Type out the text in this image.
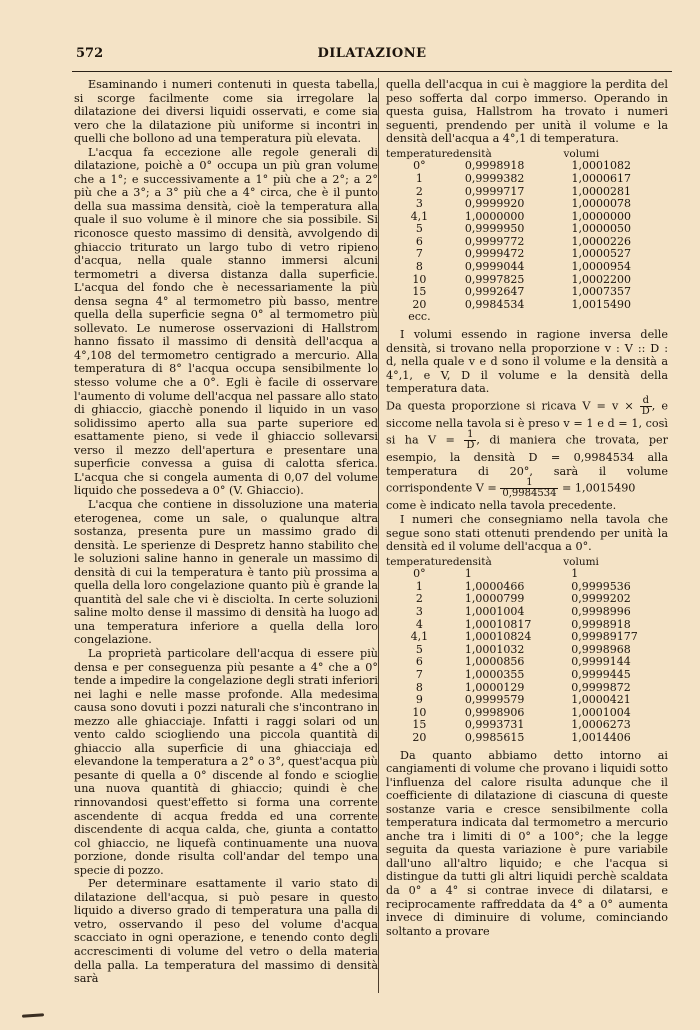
572	DILATAZIONE

Esaminando i numeri contenuti in questa tabella, si scorge facilmente come sia irregolare la dilatazione dei diversi liquidi osservati, e come sia vero che la dilatazione più uniforme si incontri in quelli che bollono ad una temperatura più elevata.

L'acqua fa eccezione alle regole generali di dilatazione, poichè a 0° occupa un più gran volume che a 1°; e successivamente a 1° più che a 2°; a 2° più che a 3°; a 3° più che a 4° circa, che è il punto della sua massima densità, cioè la temperatura alla quale il suo volume è il minore che sia possibile. Si riconosce questo massimo di densità, avvolgendo di ghiaccio triturato un largo tubo di vetro ripieno d'acqua, nella quale stanno immersi alcuni termometri a diversa distanza dalla superficie. L'acqua del fondo che è necessariamente la più densa segna 4° al termometro più basso, mentre quella della superficie segna 0° al termometro più sollevato. Le numerose osservazioni di Hallstrom hanno fissato il massimo di densità dell'acqua a 4°,108 del termometro centigrado a mercurio. Alla temperatura di 8° l'acqua occupa sensibilmente lo stesso volume che a 0°. Egli è facile di osservare l'aumento di volume dell'acqua nel passare allo stato di ghiaccio, giacchè ponendo il liquido in un vaso solidissimo aperto alla sua parte superiore ed esattamente pieno, si vede il ghiaccio sollevarsi verso il mezzo dell'apertura e presentare una superficie convessa a guisa di calotta sferica. L'acqua che si congela aumenta di 0,07 del volume liquido che possedeva a 0° (V. Ghiaccio).

L'acqua che contiene in dissoluzione una materia eterogenea, come un sale, o qualunque altra sostanza, presenta pure un massimo grado di densità. Le sperienze di Despretz hanno stabilito che le soluzioni saline hanno in generale un massimo di densità di cui la temperatura è tanto più prossima a quella della loro congelazione quanto più è grande la quantità del sale che vi è disciolta. In certe soluzioni saline molto dense il massimo di densità ha luogo ad una temperatura inferiore a quella della loro congelazione.

La proprietà particolare dell'acqua di essere più densa e per conseguenza più pesante a 4° che a 0° tende a impedire la congelazione degli strati inferiori nei laghi e nelle masse profonde. Alla medesima causa sono dovuti i pozzi naturali che s'incontrano in mezzo alle ghiacciaje. Infatti i raggi solari od un vento caldo sciogliendo una piccola quantità di ghiaccio alla superficie di una ghiacciaja ed elevandone la temperatura a 2° o 3°, quest'acqua più pesante di quella a 0° discende al fondo e scioglie una nuova quantità di ghiaccio; quindi è che rinnovandosi quest'effetto si forma una corrente ascendente di acqua fredda ed una corrente discendente di acqua calda, che, giunta a contatto col ghiaccio, ne liquefà continuamente una nuova porzione, donde risulta coll'andar del tempo una specie di pozzo.

Per determinare esattamente il vario stato di dilatazione dell'acqua, si può pesare in questo liquido a diverso grado di temperatura una palla di vetro, osservando il peso del volume d'acqua scacciato in ogni operazione, e tenendo conto degli accrescimenti di volume del vetro o della materia della palla. La temperatura del massimo di densità sarà

quella dell'acqua in cui è maggiore la perdita del peso sofferta dal corpo immerso. Operando in questa guisa, Hallstrom ha trovato i numeri seguenti, prendendo per unità il volume e la densità dell'acqua a 4°,1 di temperatura.

temperature	densità	volumi
0°	0,9998918	1,0001082
1	0,9999382	1,0000617
2	0,9999717	1,0000281
3	0,9999920	1,0000078
4,1	1,0000000	1,0000000
5	0,9999950	1,0000050
6	0,9999772	1,0000226
7	0,9999472	1,0000527
8	0,9999044	1,0000954
10	0,9997825	1,0002200
15	0,9992647	1,0007357
20	0,9984534	1,0015490
ecc.		

I volumi essendo in ragione inversa delle densità, si trovano nella proporzione v : V :: D : d, nella quale v e d sono il volume e la densità a 4°,1, e V, D il volume e la densità della temperatura data.

Da questa proporzione si ricava $V = v \times \frac{d}{D}$ , e siccome nella tavola si è preso v = 1 e d = 1, così si ha $V = \frac{1}{D}$ , di maniera che trovata, per esempio, la densità D = 0,9984534 alla temperatura di 20°, sarà il volume corrispondente $V = \frac{1}{0,9984534} = 1,0015490$

come è indicato nella tavola precedente.

I numeri che consegniamo nella tavola che segue sono stati ottenuti prendendo per unità la densità ed il volume dell'acqua a 0°.

temperature	densità	volumi
0°	1	1
1	1,0000466	0,9999536
2	1,0000799	0,9999202
3	1,0001004	0,9998996
4	1,00010817	0,9998918
4,1	1,00010824	0,99989177
5	1,0001032	0,9998968
6	1,0000856	0,9999144
7	1,0000355	0,9999445
8	1,0000129	0,9999872
9	0,9999579	1,0000421
10	0,9998906	1,0001004
15	0,9993731	1,0006273
20	0,9985615	1,0014406

Da quanto abbiamo detto intorno ai cangiamenti di volume che provano i liquidi sotto l'influenza del calore risulta adunque che il coefficiente di dilatazione di ciascuna di queste sostanze varia e cresce sensibilmente colla temperatura indicata dal termometro a mercurio anche tra i limiti di 0° a 100°; che la legge seguita da questa variazione è pure variabile dall'uno all'altro liquido; e che l'acqua si distingue da tutti gli altri liquidi perchè scaldata da 0° a 4° si contrae invece di dilatarsi, e reciprocamente raffreddata da 4° a 0° aumenta invece di diminuire di volume, cominciando soltanto a provare
